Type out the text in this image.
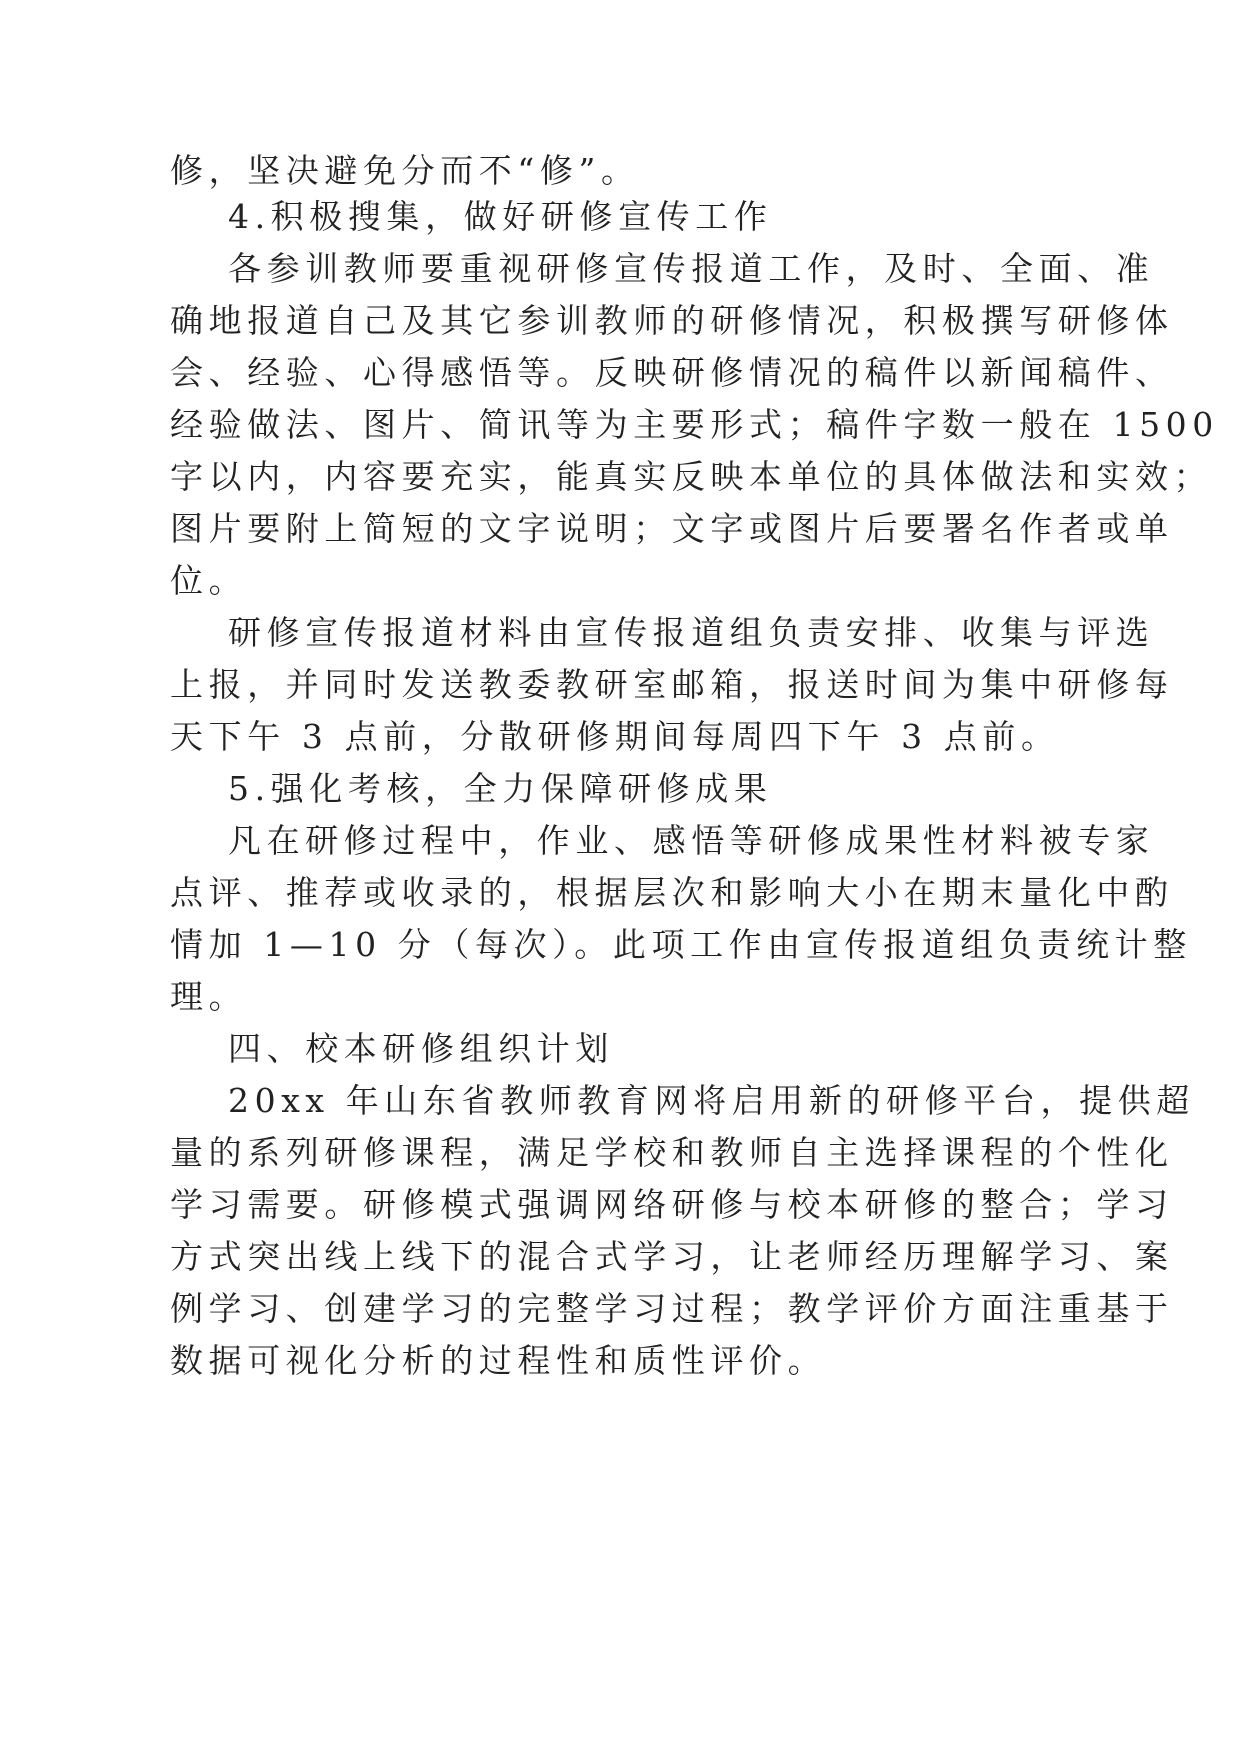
修，坚决避免分而不“修”。
4.积极搜集，做好研修宣传工作
各参训教师要重视研修宣传报道工作，及时、全面、准
确地报道自己及其它参训教师的研修情况，积极撰写研修体
会、经验、心得感悟等。反映研修情况的稿件以新闻稿件、
经验做法、图片、简讯等为主要形式；稿件字数一般在 1500
字以内，内容要充实，能真实反映本单位的具体做法和实效；
图片要附上简短的文字说明；文字或图片后要署名作者或单
位。
研修宣传报道材料由宣传报道组负责安排、收集与评选
上报，并同时发送教委教研室邮箱，报送时间为集中研修每
天下午 3 点前，分散研修期间每周四下午 3 点前。
5.强化考核，全力保障研修成果
凡在研修过程中，作业、感悟等研修成果性材料被专家
点评、推荐或收录的，根据层次和影响大小在期末量化中酌
情加 1—10 分（每次）。此项工作由宣传报道组负责统计整
理。
四、校本研修组织计划
20xx 年山东省教师教育网将启用新的研修平台，提供超
量的系列研修课程，满足学校和教师自主选择课程的个性化
学习需要。研修模式强调网络研修与校本研修的整合；学习
方式突出线上线下的混合式学习，让老师经历理解学习、案
例学习、创建学习的完整学习过程；教学评价方面注重基于
数据可视化分析的过程性和质性评价。
